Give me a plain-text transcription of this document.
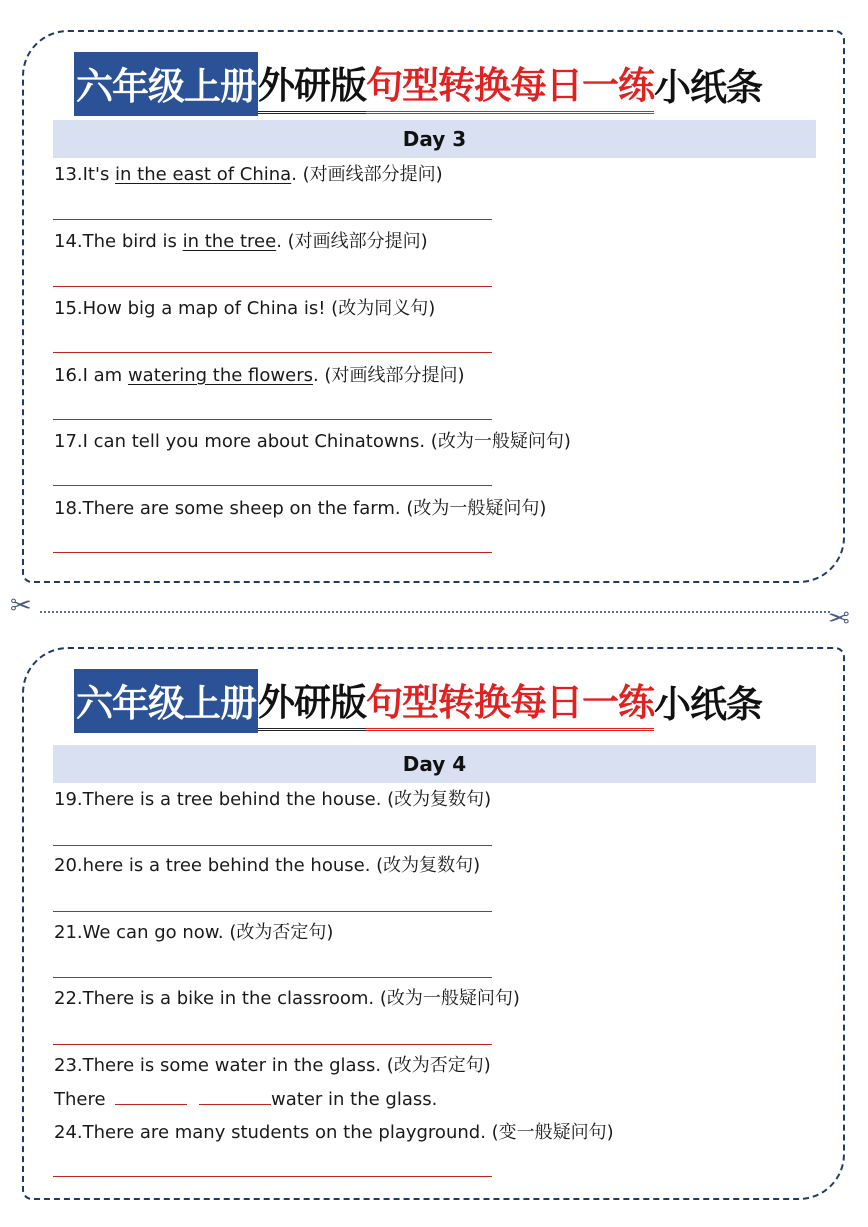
六年级上册 外研版 句型转换每日一练 小纸条
Day 3
13.It's in the east of China. (对画线部分提问)
14.The bird is in the tree. (对画线部分提问)
15.How big a map of China is! (改为同义句)
16.I am watering the flowers. (对画线部分提问)
17.I can tell you more about Chinatowns. (改为一般疑问句)
18.There are some sheep on the farm. (改为一般疑问句)
✂	✂
六年级上册 外研版 句型转换每日一练 小纸条
Day 4
19.There is a tree behind the house. (改为复数句)
20.here is a tree behind the house. (改为复数句)
21.We can go now. (改为否定句)
22.There is a bike in the classroom. (改为一般疑问句)
23.There is some water in the glass. (改为否定句)
There	water in the glass.
24.There are many students on the playground. (变一般疑问句)
